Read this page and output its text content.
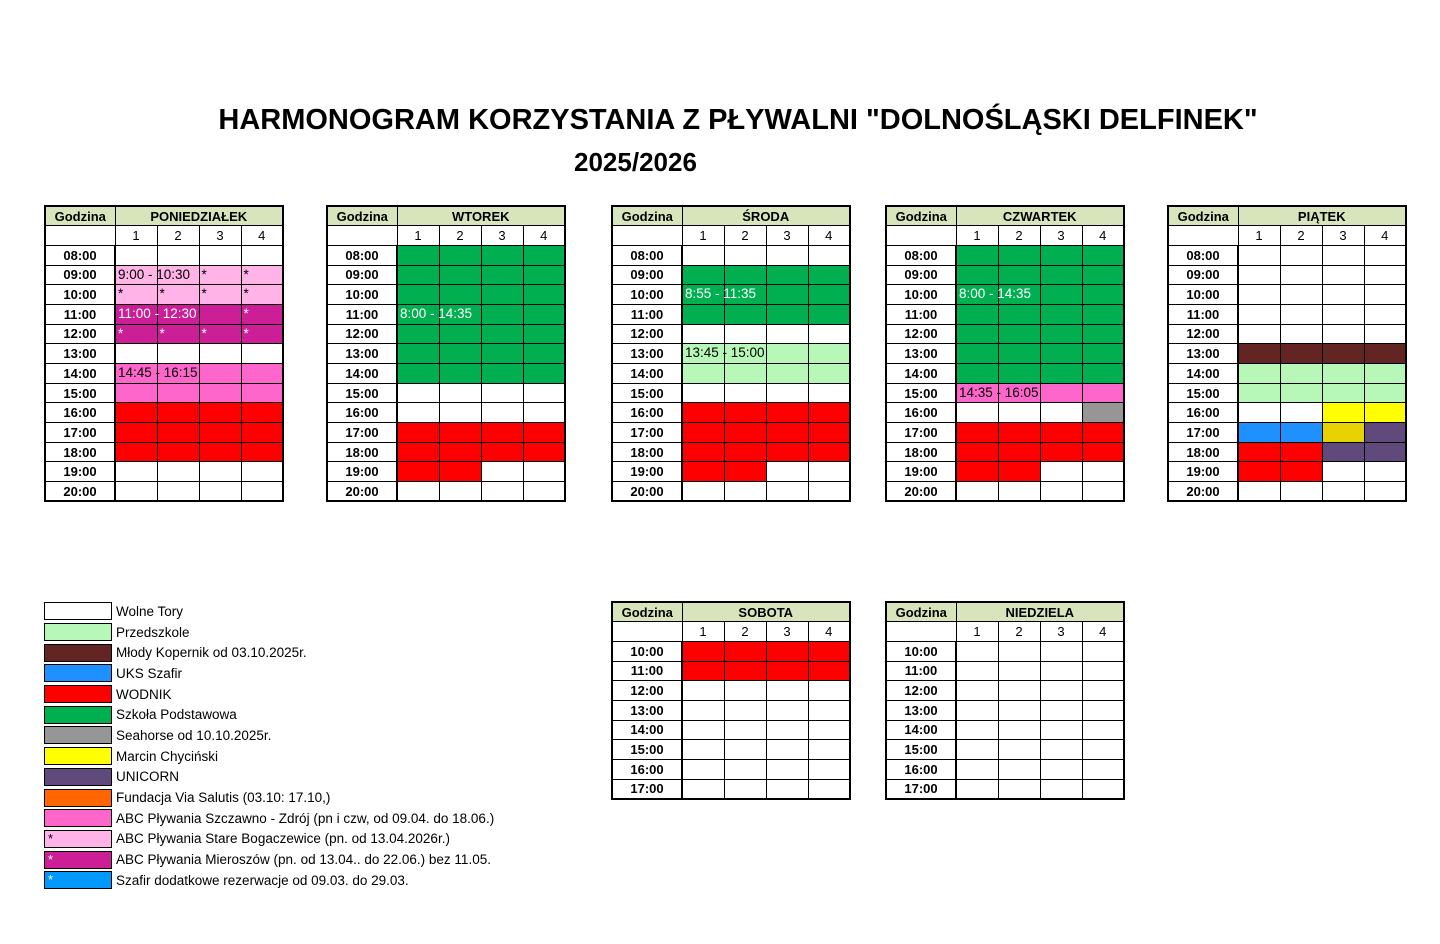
HARMONOGRAM KORZYSTANIA Z PŁYWALNI "DOLNOŚLĄSKI DELFINEK"
2025/2026
Godzina	PONIEDZIAŁEK			
	1	2	3	4
08:00				
09:00	9:00 - 10:30		*	*

10:00	*	*	*	*

11:00	11:00 - 12:30			*

12:00	*	*	*	*

13:00				
14:00	14:45 - 16:15			

15:00				
16:00				
17:00				
18:00				
19:00				
20:00				
Godzina	WTOREK			
	1	2	3	4
08:00				
09:00				
10:00				
11:00	8:00 - 14:35			

12:00				
13:00				
14:00				
15:00				
16:00				
17:00				
18:00				
19:00				
20:00				
Godzina	ŚRODA			
	1	2	3	4
08:00				
09:00				
10:00	8:55 - 11:35			

11:00				
12:00				
13:00	13:45 - 15:00			

14:00				
15:00				
16:00				
17:00				
18:00				
19:00				
20:00				
Godzina	CZWARTEK			
	1	2	3	4
08:00				
09:00				
10:00	8:00 - 14:35			

11:00				
12:00				
13:00				
14:00				
15:00	14:35 - 16:05			

16:00				
17:00				
18:00				
19:00				
20:00				
Godzina	PIĄTEK			
	1	2	3	4
08:00				
09:00				
10:00				
11:00				
12:00				
13:00				
14:00				
15:00				
16:00				
17:00				
18:00				
19:00				
20:00				
Godzina	SOBOTA			
	1	2	3	4
10:00				
11:00				
12:00				
13:00				
14:00				
15:00				
16:00				
17:00				
Godzina	NIEDZIELA			
	1	2	3	4
10:00				
11:00				
12:00				
13:00				
14:00				
15:00				
16:00				
17:00				
Wolne Tory
Przedszkole
Młody Kopernik od 03.10.2025r.
UKS Szafir
WODNIK
Szkoła Podstawowa
Seahorse od 10.10.2025r.
Marcin Chyciński
UNICORN
Fundacja Via Salutis (03.10: 17.10,)
ABC Pływania Szczawno - Zdrój (pn i czw, od 09.04. do 18.06.)
*	ABC Pływania Stare Bogaczewice (pn. od 13.04.2026r.)
*	ABC Pływania Mieroszów (pn. od 13.04.. do 22.06.) bez 11.05.
*	Szafir dodatkowe rezerwacje od 09.03. do 29.03.
